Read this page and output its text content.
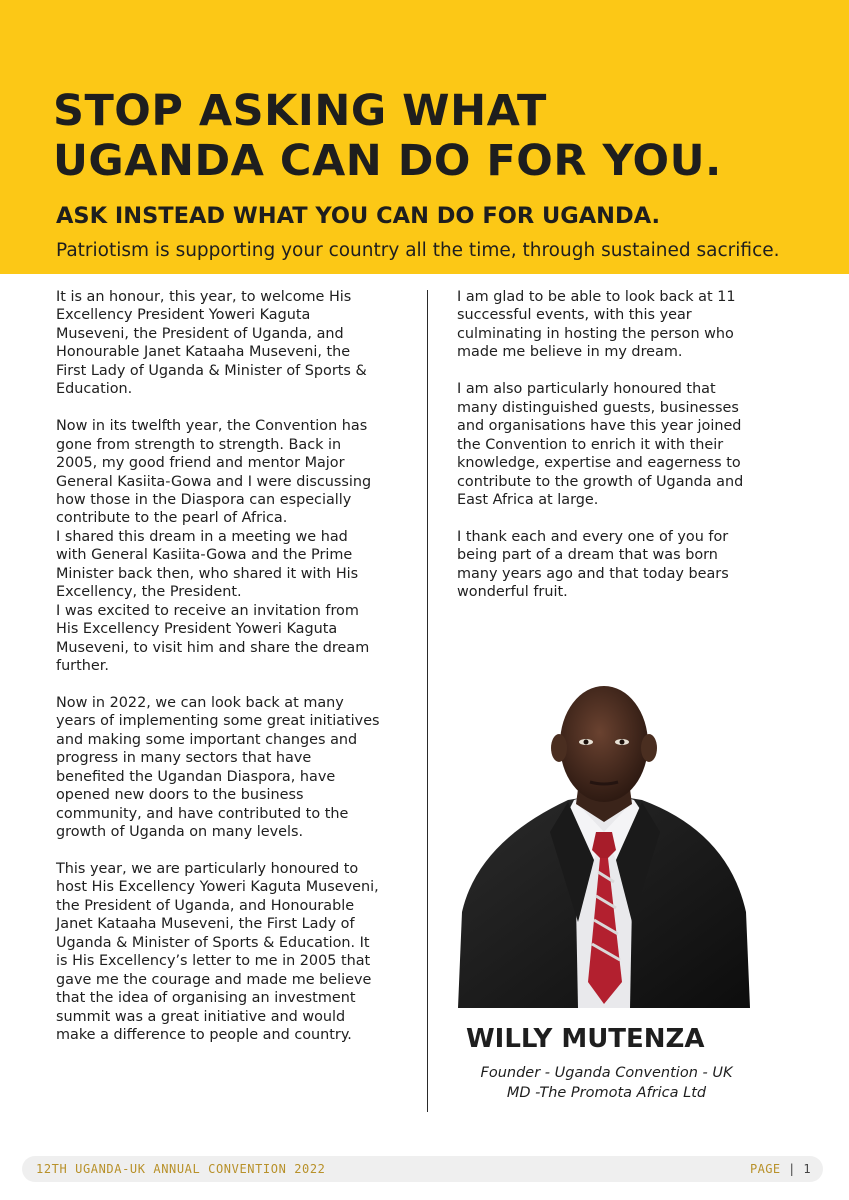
STOP ASKING WHAT
UGANDA CAN DO FOR YOU.
ASK INSTEAD WHAT YOU CAN DO FOR UGANDA.

Patriotism is supporting your country all the time, through sustained sacrifice.

It is an honour, this year, to welcome His
Excellency President Yoweri Kaguta
Museveni, the President of Uganda, and
Honourable Janet Kataaha Museveni, the
First Lady of Uganda & Minister of Sports &
Education.

Now in its twelfth year, the Convention has
gone from strength to strength. Back in
2005, my good friend and mentor Major
General Kasiita-Gowa and I were discussing
how those in the Diaspora can especially
contribute to the pearl of Africa.
I shared this dream in a meeting we had
with General Kasiita-Gowa and the Prime
Minister back then, who shared it with His
Excellency, the President.
I was excited to receive an invitation from
His Excellency President Yoweri Kaguta
Museveni, to visit him and share the dream
further.

Now in 2022, we can look back at many
years of implementing some great initiatives
and making some important changes and
progress in many sectors that have
benefited the Ugandan Diaspora, have
opened new doors to the business
community, and have contributed to the
growth of Uganda on many levels.

This year, we are particularly honoured to
host His Excellency Yoweri Kaguta Museveni,
the President of Uganda, and Honourable
Janet Kataaha Museveni, the First Lady of
Uganda & Minister of Sports & Education. It
is His Excellency’s letter to me in 2005 that
gave me the courage and made me believe
that the idea of organising an investment
summit was a great initiative and would
make a difference to people and country.

I am glad to be able to look back at 11
successful events, with this year
culminating in hosting the person who
made me believe in my dream.

I am also particularly honoured that
many distinguished guests, businesses
and organisations have this year joined
the Convention to enrich it with their
knowledge, expertise and eagerness to
contribute to the growth of Uganda and
East Africa at large.

I thank each and every one of you for
being part of a dream that was born
many years ago and that today bears
wonderful fruit.

WILLY MUTENZA

Founder - Uganda Convention - UK

MD -The Promota Africa Ltd

12TH UGANDA-UK ANNUAL CONVENTION 2022	PAGE | 1
